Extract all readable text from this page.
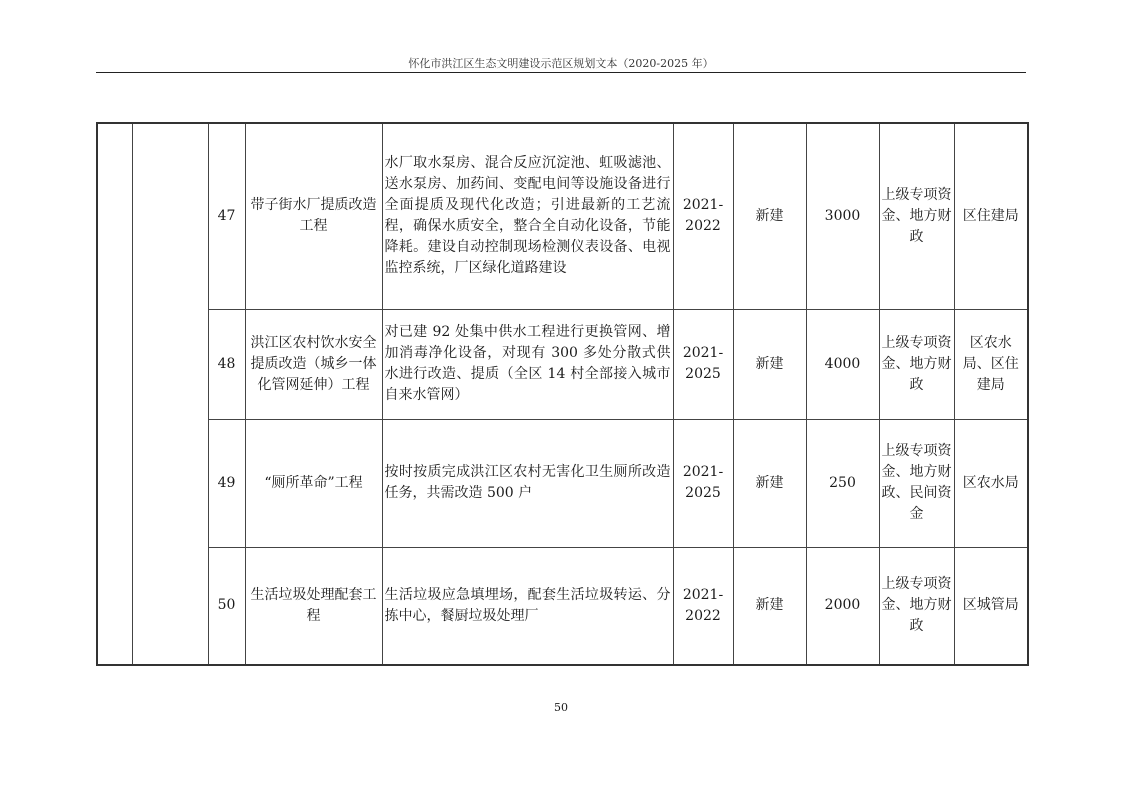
怀化市洪江区生态文明建设示范区规划文本（2020-2025 年）
		47	带子街水厂提质改造工程	水厂取水泵房、混合反应沉淀池、虹吸滤池、送水泵房、加药间、变配电间等设施设备进行全面提质及现代化改造；引进最新的工艺流程，确保水质安全，整合全自动化设备，节能降耗。建设自动控制现场检测仪表设备、电视监控系统，厂区绿化道路建设	2021-2022	新建	3000	上级专项资金、地方财政	区住建局
		48	洪江区农村饮水安全提质改造（城乡一体化管网延伸）工程	对已建 92 处集中供水工程进行更换管网、增加消毒净化设备，对现有 300 多处分散式供水进行改造、提质（全区 14 村全部接入城市自来水管网）	2021-2025	新建	4000	上级专项资金、地方财政	区农水局、区住建局
		49	“厕所革命”工程	按时按质完成洪江区农村无害化卫生厕所改造任务，共需改造 500 户	2021-2025	新建	250	上级专项资金、地方财政、民间资金	区农水局
		50	生活垃圾处理配套工程	生活垃圾应急填埋场，配套生活垃圾转运、分拣中心，餐厨垃圾处理厂	2021-2022	新建	2000	上级专项资金、地方财政	区城管局
50
